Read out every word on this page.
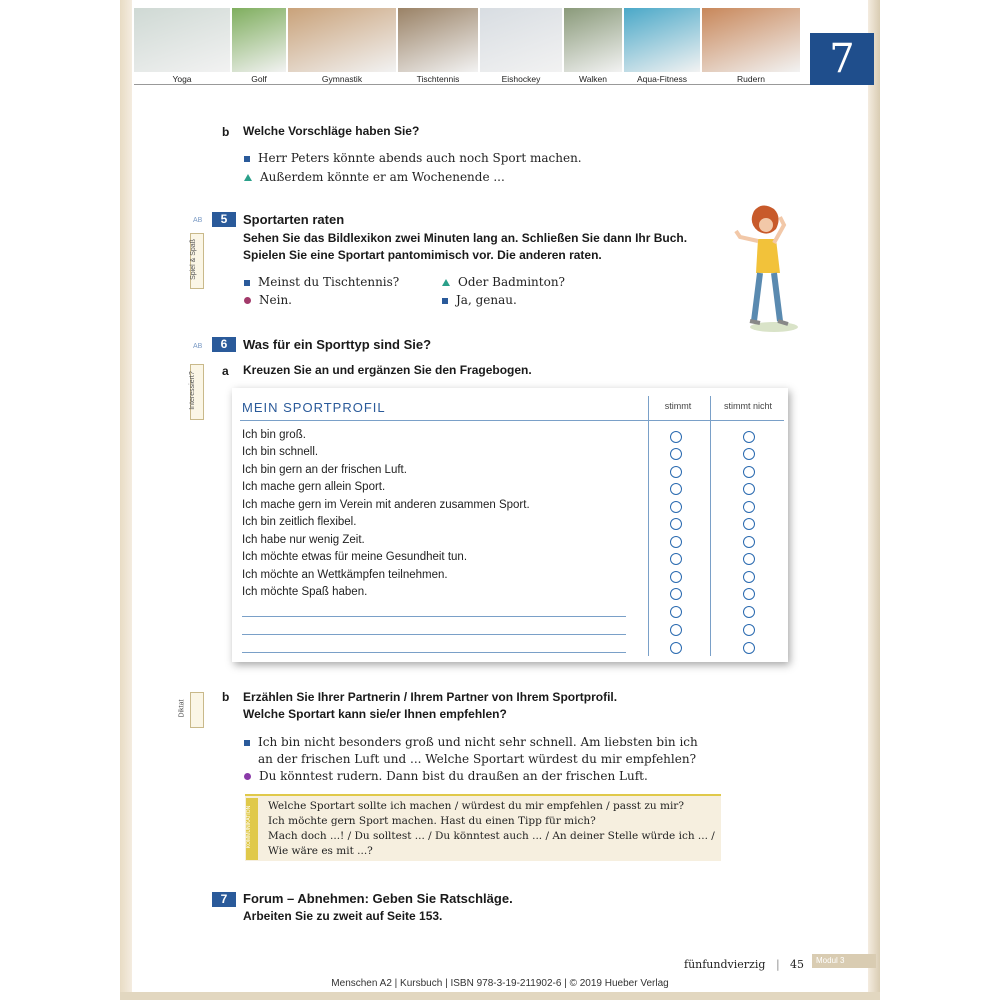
Yoga	Golf	Gymnastik	Tischtennis	Eishockey	Walken	Aqua-Fitness	Rudern	7
b Welche Vorschläge haben Sie?
Herr Peters könnte abends auch noch Sport machen.
Außerdem könnte er am Wochenende ...
AB	5	Sportarten raten
Spiel & Spaß
Sehen Sie das Bildlexikon zwei Minuten lang an. Schließen Sie dann Ihr Buch.
Spielen Sie eine Sportart pantomimisch vor. Die anderen raten.
Meinst du Tischtennis?	Oder Badminton?
Nein.	Ja, genau.
AB	6	Was für ein Sporttyp sind Sie?
Interessiert?
a Kreuzen Sie an und ergänzen Sie den Fragebogen.
MEIN SPORTPROFIL	stimmt	stimmt nicht
Ich bin groß.
Ich bin schnell.
Ich bin gern an der frischen Luft.
Ich mache gern allein Sport.
Ich mache gern im Verein mit anderen zusammen Sport.
Ich bin zeitlich flexibel.
Ich habe nur wenig Zeit.
Ich möchte etwas für meine Gesundheit tun.
Ich möchte an Wettkämpfen teilnehmen.
Ich möchte Spaß haben.
Diktat
b Erzählen Sie Ihrer Partnerin / Ihrem Partner von Ihrem Sportprofil.
Welche Sportart kann sie/er Ihnen empfehlen?
Ich bin nicht besonders groß und nicht sehr schnell. Am liebsten bin ich
an der frischen Luft und ... Welche Sportart würdest du mir empfehlen?
Du könntest rudern. Dann bist du draußen an der frischen Luft.
KOMMUNIKATION Welche Sportart sollte ich machen / würdest du mir empfehlen / passt zu mir?
Ich möchte gern Sport machen. Hast du einen Tipp für mich?
Mach doch ...! / Du solltest ... / Du könntest auch ... / An deiner Stelle würde ich ... /
Wie wäre es mit ...?
7	Forum – Abnehmen: Geben Sie Ratschläge.
Arbeiten Sie zu zweit auf Seite 153.
fünfundvierzig | 45	Modul 3
Menschen A2 | Kursbuch | ISBN 978-3-19-211902-6 | © 2019 Hueber Verlag
